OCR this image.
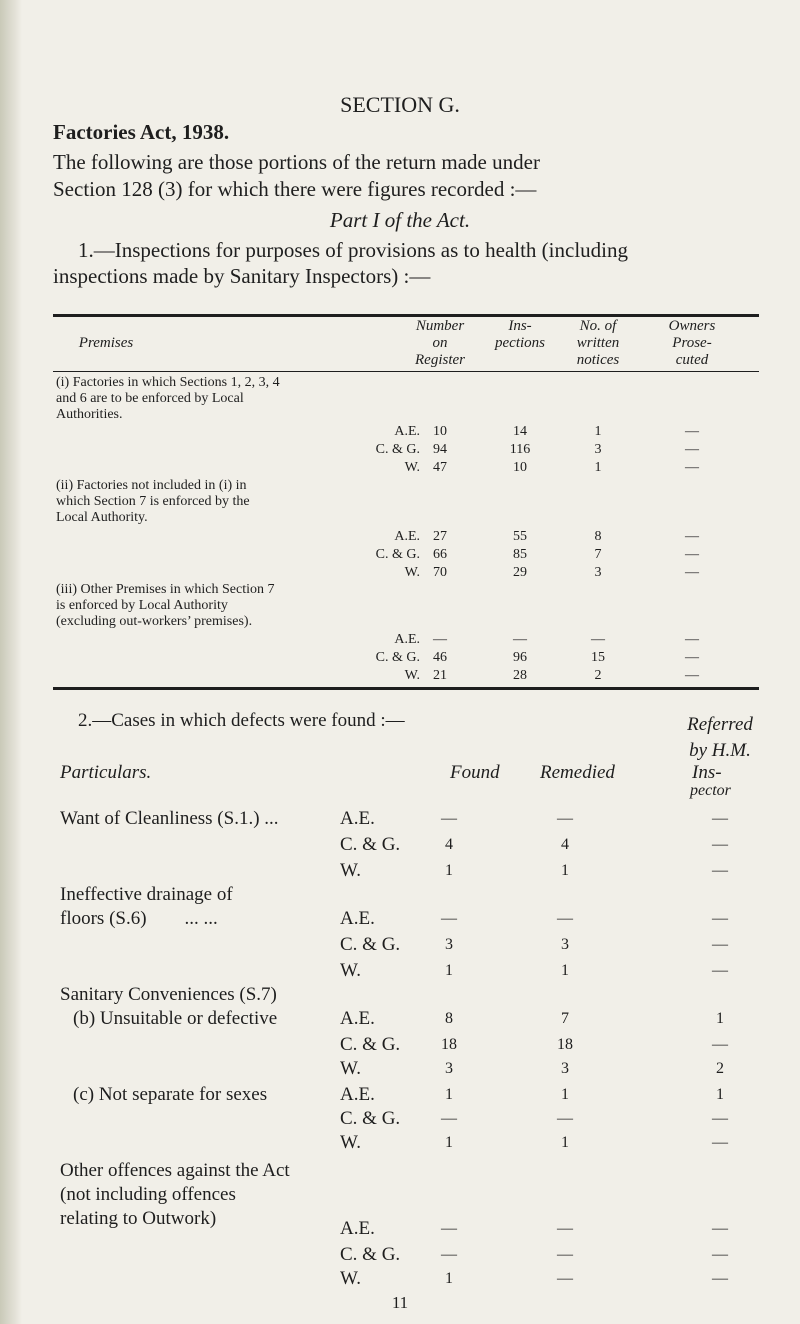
SECTION G.
Factories Act, 1938.
The following are those portions of the return made under
Section 128 (3) for which there were figures recorded :—
Part I of the Act.
1.—Inspections for purposes of provisions as to health (including
inspections made by Sanitary Inspectors) :—
Premises
Number
on
Register
Ins-
pections
No. of
written
notices
Owners
Prose-
cuted
(i) Factories in which Sections 1, 2, 3, 4
and 6 are to be enforced by Local
Authorities.
A.E. 10	14	1	—
C. & G. 94	116	3	—
W. 47	10	1	—
(ii) Factories not included in (i) in
which Section 7 is enforced by the
Local Authority.
A.E. 27	55	8	—
C. & G. 66	85	7	—
W. 70	29	3	—
(iii) Other Premises in which Section 7
is enforced by Local Authority
(excluding out-workers’ premises).
A.E. —	—	—	—
C. & G. 46	96	15	—
W. 21	28	2	—
2.—Cases in which defects were found :—	Referred
by H.M.
Particulars.	Found Remedied	Ins-
pector
Want of Cleanliness (S.1.) ...	A.E.	—	—	—
C. & G.	4	4	—
W.	1	1	—
Ineffective drainage of
floors (S.6)        ... ...	A.E.	—	—	—
C. & G.	3	3	—
W.	1	1	—
Sanitary Conveniences (S.7)
(b) Unsuitable or defective	A.E.	8	7	1
C. & G.	18	18	—
W.	3	3	2
(c) Not separate for sexes	A.E.	1	1	1
C. & G.	—	—	—
W.	1	1	—
Other offences against the Act
(not including offences
relating to Outwork)	A.E.	—	—	—
C. & G.	—	—	—
W.	1	—	—
11
